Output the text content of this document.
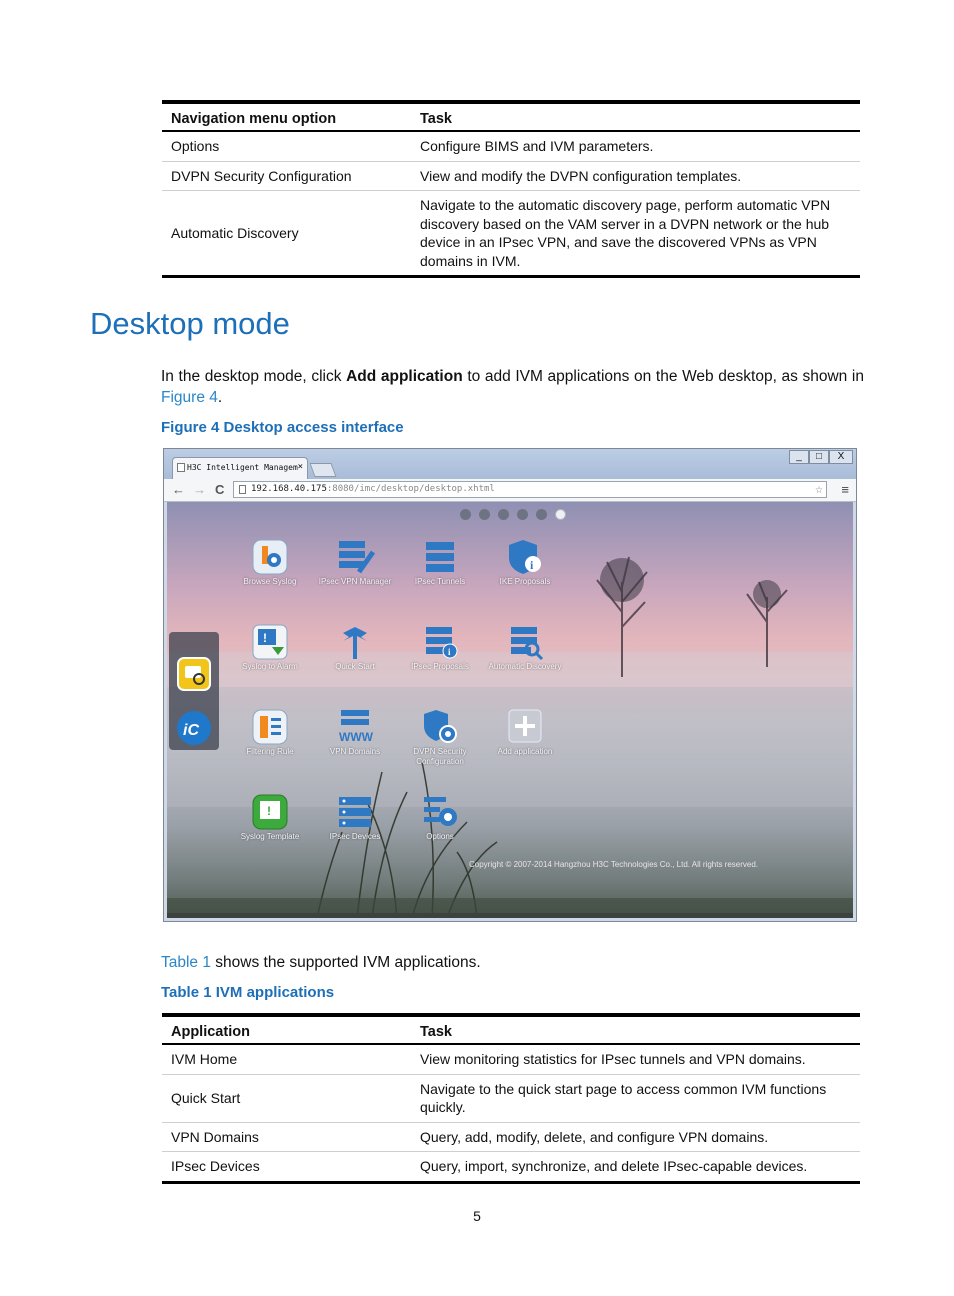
Navigation menu option	Task
Options	Configure BIMS and IVM parameters.
DVPN Security Configuration	View and modify the DVPN configuration templates.
Automatic Discovery	Navigate to the automatic discovery page, perform automatic VPN discovery based on the VAM server in a DVPN network or the hub device in an IPsec VPN, and save the discovered VPNs as VPN domains in IVM.
Desktop mode

In the desktop mode, click Add application to add IVM applications on the Web desktop, as shown in Figure 4.

Figure 4 Desktop access interface

H3C Intelligent Managem ×
_	□	X
← → C	192.168.40.175:8080/imc/desktop/desktop.xhtml	☆ ≡
iC
Browse Syslog	IPsec VPN Manager	IPsec Tunnels
i
IKE Proposals
!
Syslog to Alarm	Quick Start
i
IPsec Proposals	Automatic Discovery
Filtering Rule
WWW
VPN Domains	DVPN Security Configuration
Add application
!
Syslog Template	IPsec Devices	Options
Copyright © 2007-2014 Hangzhou H3C Technologies Co., Ltd. All rights reserved.

Table 1 shows the supported IVM applications.

Table 1 IVM applications

Application	Task
IVM Home	View monitoring statistics for IPsec tunnels and VPN domains.
Quick Start	Navigate to the quick start page to access common IVM functions quickly.
VPN Domains	Query, add, modify, delete, and configure VPN domains.
IPsec Devices	Query, import, synchronize, and delete IPsec-capable devices.
5
